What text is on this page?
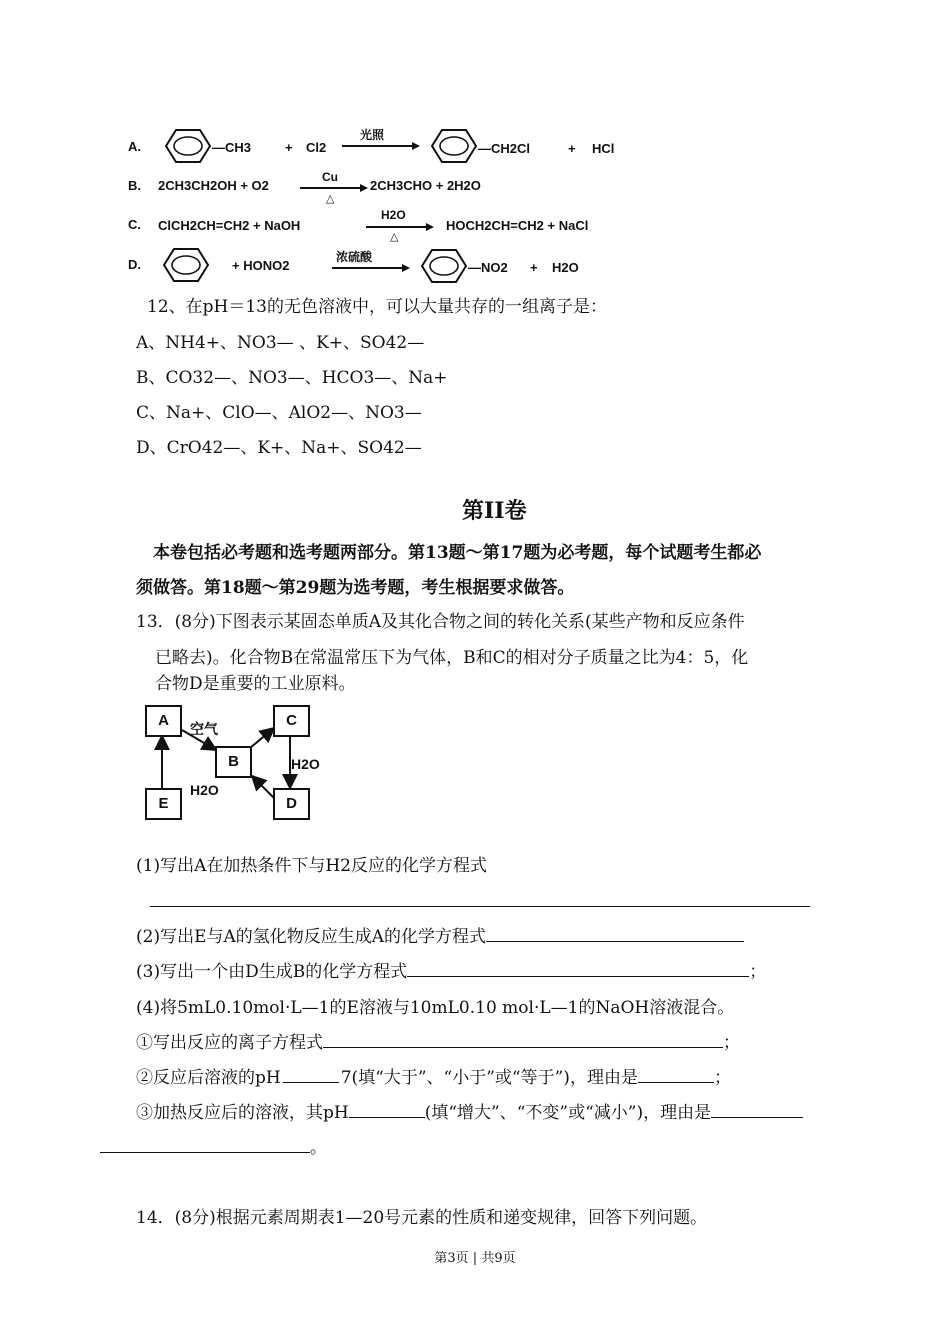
A.	—CH3	+ Cl2
光照
—CH2Cl	+ HCl
B. 2CH3CH2OH + O2
Cu
△
2CH3CHO + 2H2O
C. ClCH2CH=CH2 + NaOH
H2O
△
HOCH2CH=CH2 + NaCl
D.	+ HONO2
浓硫酸
—NO2 + H2O
12、在pH＝13的无色溶液中，可以大量共存的一组离子是：
A、NH4+、NO3— 、K+、SO42—
B、CO32—、NO3—、HCO3—、Na+
C、Na+、ClO—、AlO2—、NO3—
D、CrO42—、K+、Na+、SO42—
第II卷
本卷包括必考题和选考题两部分。第13题～第17题为必考题，每个试题考生都必
须做答。第18题～第29题为选考题，考生根据要求做答。
13．(8分)下图表示某固态单质A及其化合物之间的转化关系(某些产物和反应条件
已略去)。化合物B在常温常压下为气体，B和C的相对分子质量之比为4：5，化
合物D是重要的工业原料。
A
B
C
D
E
空气
H2O
H2O
(1)写出A在加热条件下与H2反应的化学方程式
(2)写出E与A的氢化物反应生成A的化学方程式
(3)写出一个由D生成B的化学方程式	；
(4)将5mL0.10mol·L—1的E溶液与10mL0.10 mol·L—1的NaOH溶液混合。
①写出反应的离子方程式	；
②反应后溶液的pH	7(填“大于”、“小于”或“等于”)，理由是	；
③加热反应后的溶液，其pH	(填“增大”、“不变”或“减小”)，理由是
。
14．(8分)根据元素周期表1—20号元素的性质和递变规律，回答下列问题。
第3页 | 共9页
